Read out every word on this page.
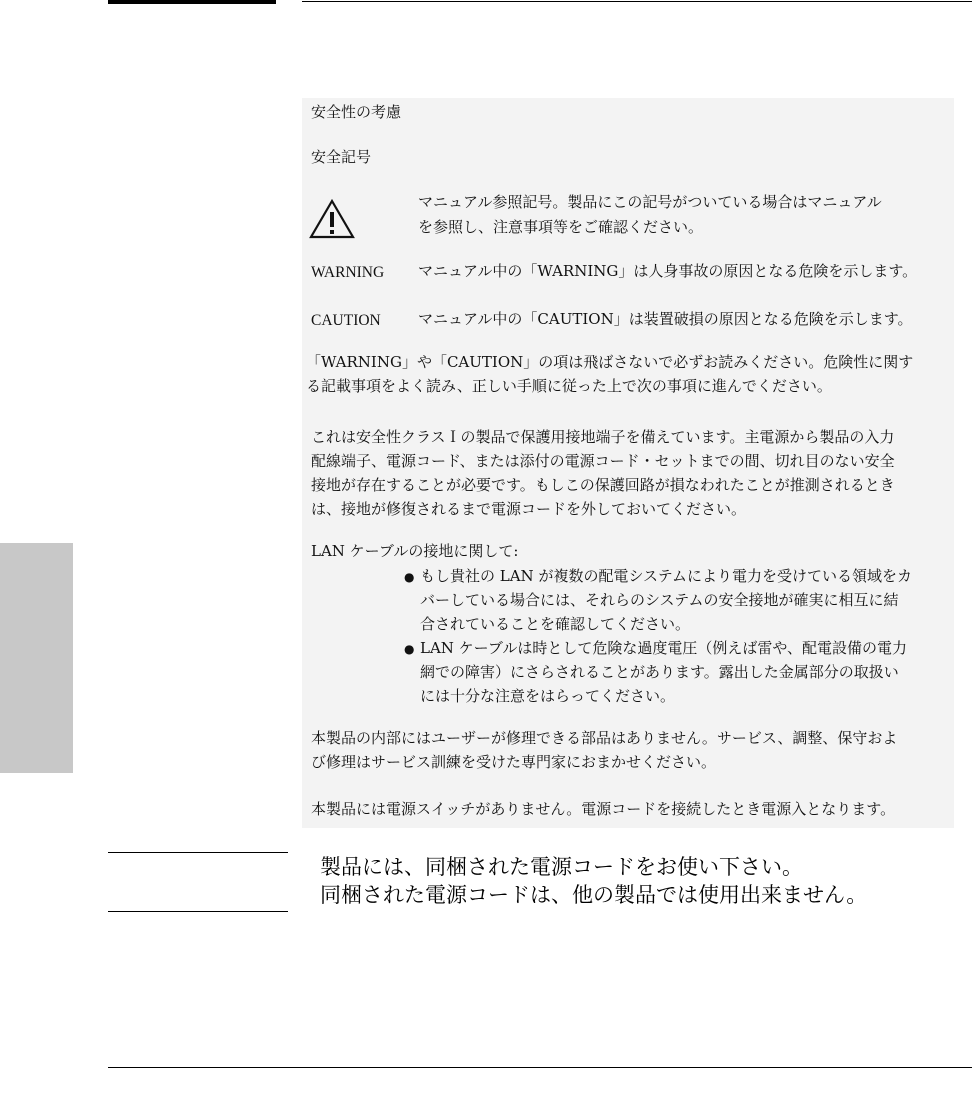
安全性の考慮
安全記号
マニュアル参照記号。製品にこの記号がついている場合はマニュアル
を参照し、注意事項等をご確認ください。
WARNING マニュアル中の「WARNING」は人身事故の原因となる危険を示します。
CAUTION マニュアル中の「CAUTION」は装置破損の原因となる危険を示します。
「WARNING」や「CAUTION」の項は飛ばさないで必ずお読みください。危険性に関す
る記載事項をよく読み、正しい手順に従った上で次の事項に進んでください。
これは安全性クラスＩの製品で保護用接地端子を備えています。主電源から製品の入力
配線端子、電源コード、または添付の電源コード・セットまでの間、切れ目のない安全
接地が存在することが必要です。もしこの保護回路が損なわれたことが推測されるとき
は、接地が修復されるまで電源コードを外しておいてください。
LAN ケーブルの接地に関して:
● もし貴社の LAN が複数の配電システムにより電力を受けている領域をカ
バーしている場合には、それらのシステムの安全接地が確実に相互に結
合されていることを確認してください。
● LAN ケーブルは時として危険な過度電圧（例えば雷や、配電設備の電力
網での障害）にさらされることがあります。露出した金属部分の取扱い
には十分な注意をはらってください。
本製品の内部にはユーザーが修理できる部品はありません。サービス、調整、保守およ
び修理はサービス訓練を受けた専門家におまかせください。
本製品には電源スイッチがありません。電源コードを接続したとき電源入となります。
製品には、同梱された電源コードをお使い下さい。
同梱された電源コードは、他の製品では使用出来ません。
